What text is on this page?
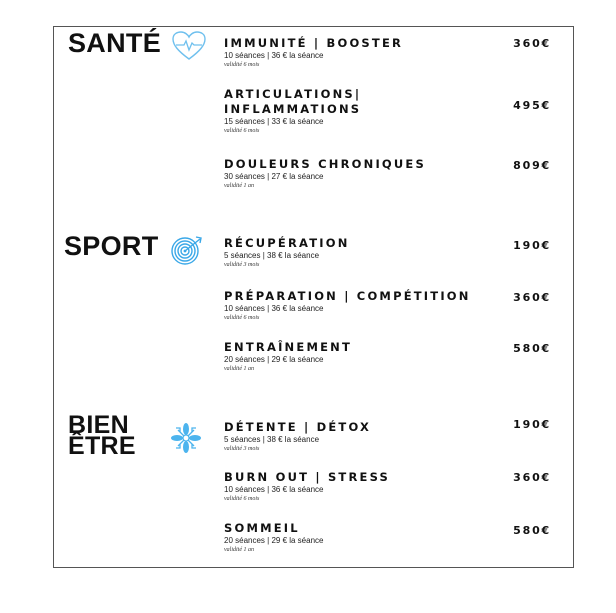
SANTÉ	IMMUNITÉ | BOOSTER

10 séances | 36 € la séance

validité 6 mois

360€

ARTICULATIONS|

INFLAMMATIONS

15 séances | 33 € la séance

validité 6 mois

495€

DOULEURS CHRONIQUES

30 séances | 27 € la séance

validité 1 an

809€
SPORT	RÉCUPÉRATION

5 séances | 38 € la séance

validité 3 mois

190€

PRÉPARATION | COMPÉTITION

10 séances | 36 € la séance

validité 6 mois

360€

ENTRAÎNEMENT

20 séances | 29 € la séance

validité 1 an

580€
BIEN
ÊTRE

DÉTENTE | DÉTOX

5 séances | 38 € la séance

validité 3 mois

190€

BURN OUT | STRESS

10 séances | 36 € la séance

validité 6 mois

360€

SOMMEIL

20 séances | 29 € la séance

validité 1 an

580€
